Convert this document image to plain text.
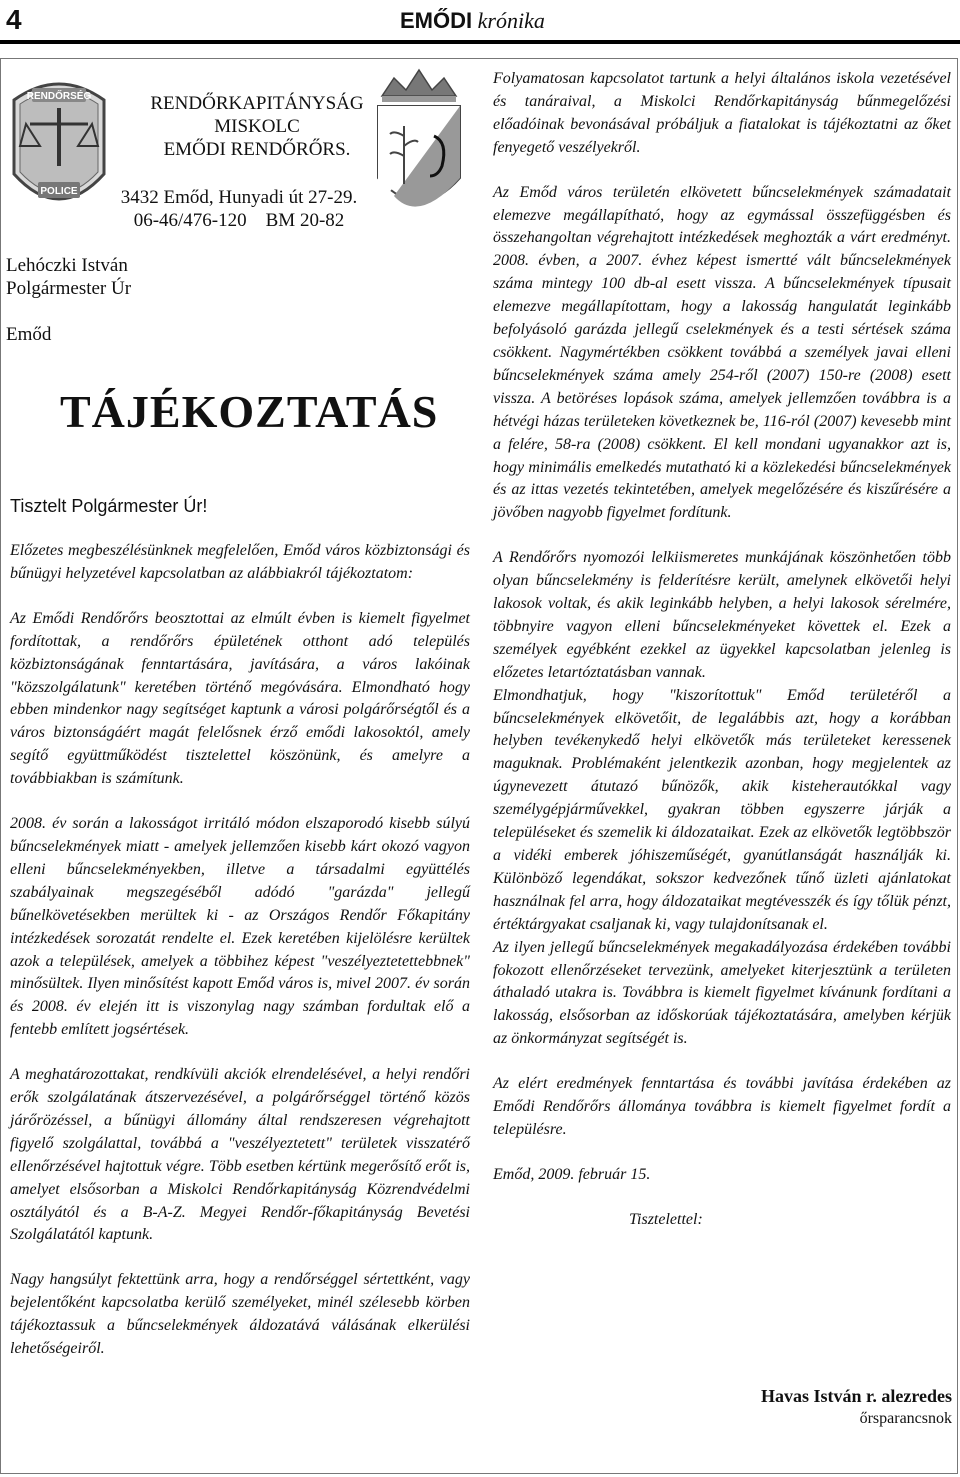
4	EMŐDI krónika
RENDŐRSÉG
POLICE
RENDŐRKAPITÁNYSÁG
MISKOLC
EMŐDI RENDŐRŐRS.
3432 Emőd, Hunyadi út 27-29.
06-46/476-120    BM 20-82
Lehóczki István
Polgármester Úr
Emőd
TÁJÉKOZTATÁS
Tisztelt Polgármester Úr!

Előzetes megbeszélésünknek megfelelően, Emőd város közbiztonsági és bűnügyi helyzetével kapcsolatban az alábbiakról tájékoztatom:

Az Emődi Rendőrőrs beosztottai az elmúlt évben is kiemelt figyelmet fordítottak, a rendőrőrs épületének otthont adó település közbiztonságának fenntartására, javítására, a város lakóinak "közszolgálatunk" keretében történő megóvására. Elmondható hogy ebben mindenkor nagy segítséget kaptunk a városi polgárőrségtől és a város biztonságáért magát felelősnek érző emődi lakosoktól, amely segítő együttműködést tisztelettel köszönünk, és amelyre a továbbiakban is számítunk.

2008. év során a lakosságot irritáló módon elszaporodó kisebb súlyú bűncselekmények miatt - amelyek jellemzően kisebb kárt okozó vagyon elleni bűncselekményekben, illetve a társadalmi együttélés szabályainak megszegéséből adódó "garázda" jellegű bűnelkövetésekben merültek ki - az Országos Rendőr Főkapitány intézkedések sorozatát rendelte el. Ezek keretében kijelölésre kerültek azok a települések, amelyek a többihez képest "veszélyeztetettebbnek" minősültek. Ilyen minősítést kapott Emőd város is, mivel 2007. év során és 2008. év elején itt is viszonylag nagy számban fordultak elő a fentebb említett jogsértések.

A meghatározottakat, rendkívüli akciók elrendelésével, a helyi rendőri erők szolgálatának átszervezésével, a polgárőrséggel történő közös járőrözéssel, a bűnügyi állomány által rendszeresen végrehajtott figyelő szolgálattal, továbbá a "veszélyeztetett" területek visszatérő ellenőrzésével hajtottuk végre. Több esetben kértünk megerősítő erőt is, amelyet elsősorban a Miskolci Rendőrkapitányság Közrendvédelmi osztályától és a B-A-Z. Megyei Rendőr-főkapitányság Bevetési Szolgálatától kaptunk.

Nagy hangsúlyt fektettünk arra, hogy a rendőrséggel sértettként, vagy bejelentőként kapcsolatba kerülő személyeket, minél szélesebb körben tájékoztassuk a bűncselekmények áldozatává válásának elkerülési lehetőségeiről.

Folyamatosan kapcsolatot tartunk a helyi általános iskola vezetésével és tanáraival, a Miskolci Rendőrkapitányság bűnmegelőzési előadóinak bevonásával próbáljuk a fiatalokat is tájékoztatni az őket fenyegető veszélyekről.

Az Emőd város területén elkövetett bűncselekmények számadatait elemezve megállapítható, hogy az egymással összefüggésben és összehangoltan végrehajtott intézkedések meghozták a várt eredményt. 2008. évben, a 2007. évhez képest ismertté vált bűncselekmények száma mintegy 100 db-al esett vissza. A bűncselekmények típusait elemezve megállapítottam, hogy a lakosság hangulatát leginkább befolyásoló garázda jellegű cselekmények és a testi sértések száma csökkent. Nagymértékben csökkent továbbá a személyek javai elleni bűncselekmények száma amely 254-ről (2007) 150-re (2008) esett vissza. A betöréses lopások száma, amelyek jellemzően továbbra is a hétvégi házas területeken következnek be, 116-ról (2007) kevesebb mint a felére, 58-ra (2008) csökkent. El kell mondani ugyanakkor azt is, hogy minimális emelkedés mutatható ki a közlekedési bűncselekmények és az ittas vezetés tekintetében, amelyek megelőzésére és kiszűrésére a jövőben nagyobb figyelmet fordítunk.

A Rendőrőrs nyomozói lelkiismeretes munkájának köszönhetően több olyan bűncselekmény is felderítésre került, amelynek elkövetői helyi lakosok voltak, és akik leginkább helyben, a helyi lakosok sérelmére, többnyire vagyon elleni bűncselekményeket követtek el. Ezek a személyek egyébként ezekkel az ügyekkel kapcsolatban jelenleg is előzetes letartóztatásban vannak.

Elmondhatjuk, hogy "kiszorítottuk" Emőd területéről a bűncselekmények elkövetőit, de legalábbis azt, hogy a korábban helyben tevékenykedő helyi elkövetők más területeket keressenek maguknak. Problémaként jelentkezik azonban, hogy megjelentek az úgynevezett átutazó bűnözők, akik kisteherautókkal vagy személygépjárművekkel, gyakran többen egyszerre járják a településeket és szemelik ki áldozataikat. Ezek az elkövetők legtöbbször a vidéki emberek jóhiszeműségét, gyanútlanságát használják ki. Különböző legendákat, sokszor kedvezőnek tűnő üzleti ajánlatokat használnak fel arra, hogy áldozataikat megtévesszék és így tőlük pénzt, értéktárgyakat csaljanak ki, vagy tulajdonítsanak el.

Az ilyen jellegű bűncselekmények megakadályozása érdekében további fokozott ellenőrzéseket tervezünk, amelyeket kiterjesztünk a területen áthaladó utakra is. Továbbra is kiemelt figyelmet kívánunk fordítani a lakosság, elsősorban az időskorúak tájékoztatására, amelyben kérjük az önkormányzat segítségét is.

Az elért eredmények fenntartása és további javítása érdekében az Emődi Rendőrőrs állománya továbbra is kiemelt figyelmet fordít a településre.

Emőd, 2009. február 15.

Tisztelettel:

Havas István r. alezredes
őrsparancsnok
